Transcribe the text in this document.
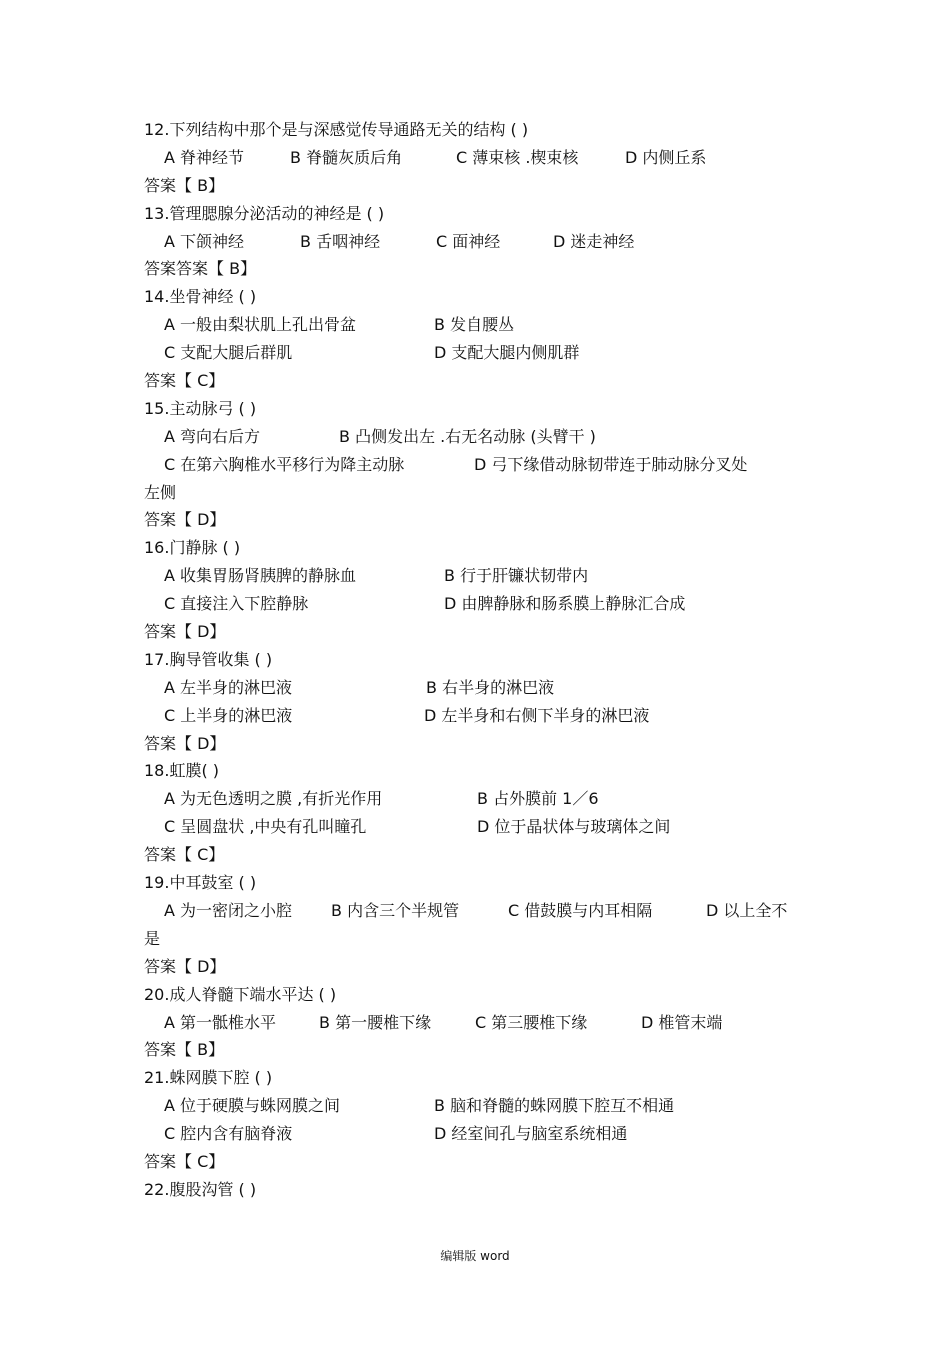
12.下列结构中那个是与深感觉传导通路无关的结构 ( )
A 脊神经节	B 脊髓灰质后角	C 薄束核 .楔束核	D 内侧丘系
答案【 B】
13.管理腮腺分泌活动的神经是 ( )
A 下颌神经	B 舌咽神经	C 面神经	D 迷走神经
答案答案【 B】
14.坐骨神经 ( )
A 一般由梨状肌上孔出骨盆	B 发自腰丛
C 支配大腿后群肌	D 支配大腿内侧肌群
答案【 C】
15.主动脉弓 ( )
A 弯向右后方	B 凸侧发出左 .右无名动脉 (头臂干 )
C 在第六胸椎水平移行为降主动脉	D 弓下缘借动脉韧带连于肺动脉分叉处
左侧
答案【 D】
16.门静脉 ( )
A 收集胃肠肾胰脾的静脉血	B 行于肝镰状韧带内
C 直接注入下腔静脉	D 由脾静脉和肠系膜上静脉汇合成
答案【 D】
17.胸导管收集 ( )
A 左半身的淋巴液	B 右半身的淋巴液
C 上半身的淋巴液	D 左半身和右侧下半身的淋巴液
答案【 D】
18.虹膜( )
A 为无色透明之膜 ,有折光作用	B 占外膜前 1／6
C 呈圆盘状 ,中央有孔叫瞳孔	D 位于晶状体与玻璃体之间
答案【 C】
19.中耳鼓室 ( )
A 为一密闭之小腔 B 内含三个半规管	C 借鼓膜与内耳相隔	D 以上全不
是
答案【 D】
20.成人脊髓下端水平达 ( )
A 第一骶椎水平	B 第一腰椎下缘	C 第三腰椎下缘	D 椎管末端
答案【 B】
21.蛛网膜下腔 ( )
A 位于硬膜与蛛网膜之间	B 脑和脊髓的蛛网膜下腔互不相通
C 腔内含有脑脊液	D 经室间孔与脑室系统相通
答案【 C】
22.腹股沟管 ( )
编辑版 word
